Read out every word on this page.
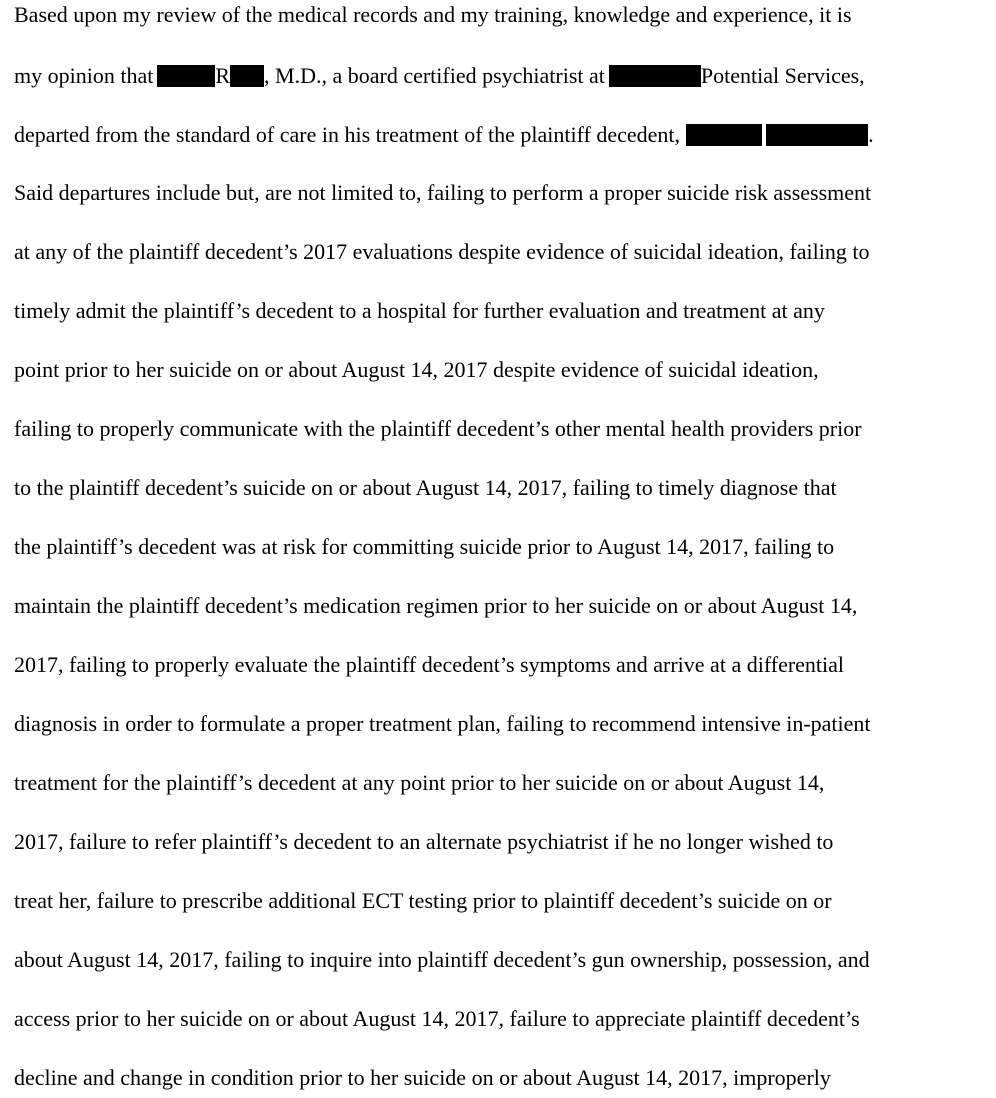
Based upon my review of the medical records and my training, knowledge and experience, it is
my opinion that	R , M.D., a board certified psychiatrist at	Potential Services,
departed from the standard of care in his treatment of the plaintiff decedent,	.
Said departures include but, are not limited to, failing to perform a proper suicide risk assessment
at any of the plaintiff decedent’s 2017 evaluations despite evidence of suicidal ideation, failing to
timely admit the plaintiff’s decedent to a hospital for further evaluation and treatment at any
point prior to her suicide on or about August 14, 2017 despite evidence of suicidal ideation,
failing to properly communicate with the plaintiff decedent’s other mental health providers prior
to the plaintiff decedent’s suicide on or about August 14, 2017, failing to timely diagnose that
the plaintiff’s decedent was at risk for committing suicide prior to August 14, 2017, failing to
maintain the plaintiff decedent’s medication regimen prior to her suicide on or about August 14,
2017, failing to properly evaluate the plaintiff decedent’s symptoms and arrive at a differential
diagnosis in order to formulate a proper treatment plan, failing to recommend intensive in-patient
treatment for the plaintiff’s decedent at any point prior to her suicide on or about August 14,
2017, failure to refer plaintiff’s decedent to an alternate psychiatrist if he no longer wished to
treat her, failure to prescribe additional ECT testing prior to plaintiff decedent’s suicide on or
about August 14, 2017, failing to inquire into plaintiff decedent’s gun ownership, possession, and
access prior to her suicide on or about August 14, 2017, failure to appreciate plaintiff decedent’s
decline and change in condition prior to her suicide on or about August 14, 2017, improperly
